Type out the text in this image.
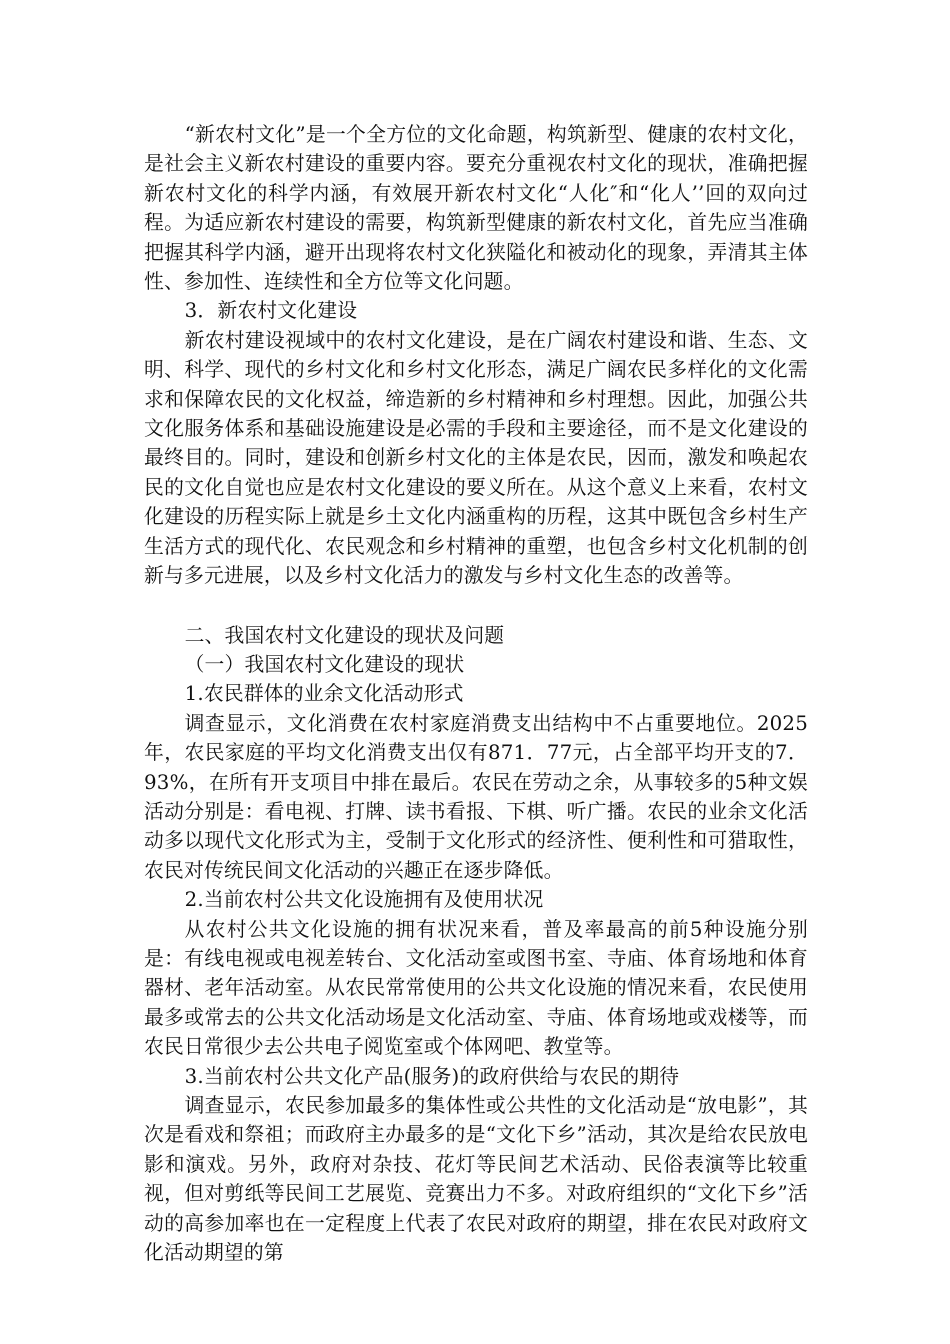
“新农村文化”是一个全方位的文化命题，构筑新型、健康的农村文化，是社会主义新农村建设的重要内容。要充分重视农村文化的现状，准确把握新农村文化的科学内涵，有效展开新农村文化“人化″和“化人’’回的双向过程。为适应新农村建设的需要，构筑新型健康的新农村文化，首先应当准确把握其科学内涵，避开出现将农村文化狭隘化和被动化的现象，弄清其主体性、参加性、连续性和全方位等文化问题。

3．新农村文化建设

新农村建设视域中的农村文化建设，是在广阔农村建设和谐、生态、文明、科学、现代的乡村文化和乡村文化形态，满足广阔农民多样化的文化需求和保障农民的文化权益，缔造新的乡村精神和乡村理想。因此，加强公共文化服务体系和基础设施建设是必需的手段和主要途径，而不是文化建设的最终目的。同时，建设和创新乡村文化的主体是农民，因而，激发和唤起农民的文化自觉也应是农村文化建设的要义所在。从这个意义上来看，农村文化建设的历程实际上就是乡土文化内涵重构的历程，这其中既包含乡村生产生活方式的现代化、农民观念和乡村精神的重塑，也包含乡村文化机制的创新与多元进展，以及乡村文化活力的激发与乡村文化生态的改善等。

二、我国农村文化建设的现状及问题

（一）我国农村文化建设的现状

1.农民群体的业余文化活动形式

调查显示，文化消费在农村家庭消费支出结构中不占重要地位。2025年，农民家庭的平均文化消费支出仅有871．77元，占全部平均开支的7．93%，在所有开支项目中排在最后。农民在劳动之余，从事较多的5种文娱活动分别是：看电视、打牌、读书看报、下棋、听广播。农民的业余文化活动多以现代文化形式为主，受制于文化形式的经济性、便利性和可猎取性，农民对传统民间文化活动的兴趣正在逐步降低。

2.当前农村公共文化设施拥有及使用状况

从农村公共文化设施的拥有状况来看，普及率最高的前5种设施分别是：有线电视或电视差转台、文化活动室或图书室、寺庙、体育场地和体育器材、老年活动室。从农民常常使用的公共文化设施的情况来看，农民使用最多或常去的公共文化活动场是文化活动室、寺庙、体育场地或戏楼等，而农民日常很少去公共电子阅览室或个体网吧、教堂等。

3.当前农村公共文化产品(服务)的政府供给与农民的期待

调查显示，农民参加最多的集体性或公共性的文化活动是“放电影”，其次是看戏和祭祖；而政府主办最多的是“文化下乡”活动，其次是给农民放电影和演戏。另外，政府对杂技、花灯等民间艺术活动、民俗表演等比较重视，但对剪纸等民间工艺展览、竞赛出力不多。对政府组织的“文化下乡”活动的高参加率也在一定程度上代表了农民对政府的期望，排在农民对政府文化活动期望的第
